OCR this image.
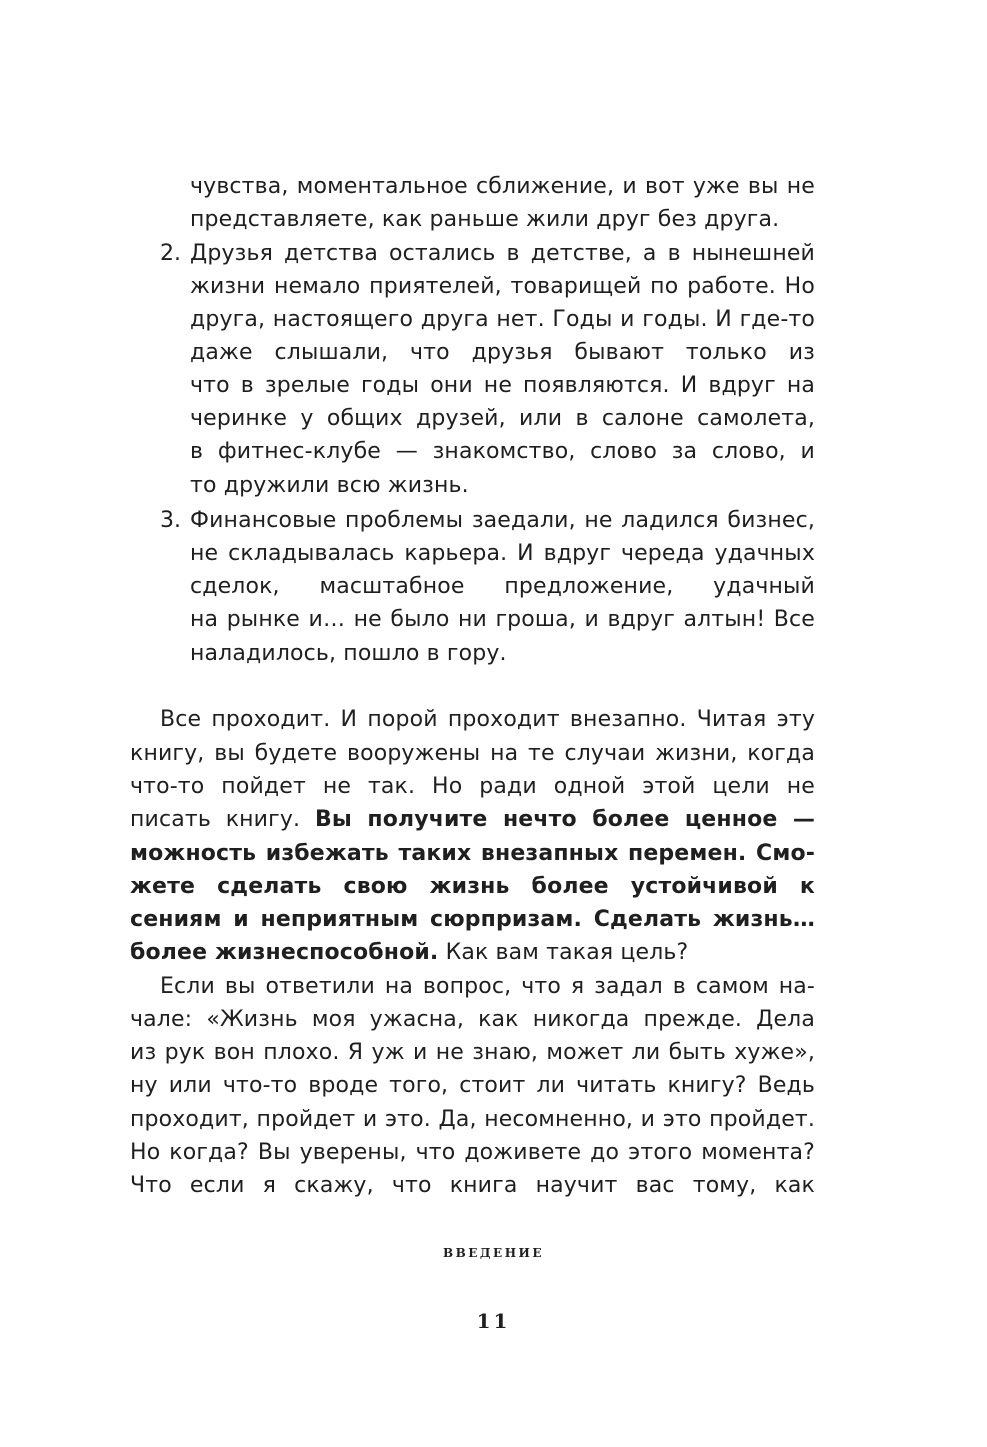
чувства, моментальное сближение, и вот уже вы не
представляете, как раньше жили друг без друга.
2. Друзья детства остались в детстве, а в нынешней
жизни немало приятелей, товарищей по работе. Но
друга, настоящего друга нет. Годы и годы. И где-то
даже слышали, что друзья бывают только из
что в зрелые годы они не появляются. И вдруг на
черинке у общих друзей, или в салоне самолета,
в фитнес-клубе — знакомство, слово за слово, и
то дружили всю жизнь.
3. Финансовые проблемы заедали, не ладился бизнес,
не складывалась карьера. И вдруг череда удачных
сделок, масштабное предложение, удачный
на рынке и… не было ни гроша, и вдруг алтын! Все
наладилось, пошло в гору.
Все проходит. И порой проходит внезапно. Читая эту
книгу, вы будете вооружены на те случаи жизни, когда
что-то пойдет не так. Но ради одной этой цели не
писать книгу. Вы получите нечто более ценное —
можность избежать таких внезапных перемен. Смо-
жете сделать свою жизнь более устойчивой к
сениям и неприятным сюрпризам. Сделать жизнь…
более жизнеспособной. Как вам такая цель?
Если вы ответили на вопрос, что я задал в самом на-
чале: «Жизнь моя ужасна, как никогда прежде. Дела
из рук вон плохо. Я уж и не знаю, может ли быть хуже»,
ну или что-то вроде того, стоит ли читать книгу? Ведь
проходит, пройдет и это. Да, несомненно, и это пройдет.
Но когда? Вы уверены, что доживете до этого момента?
Что если я скажу, что книга научит вас тому, как
ВВЕДЕНИЕ
11
